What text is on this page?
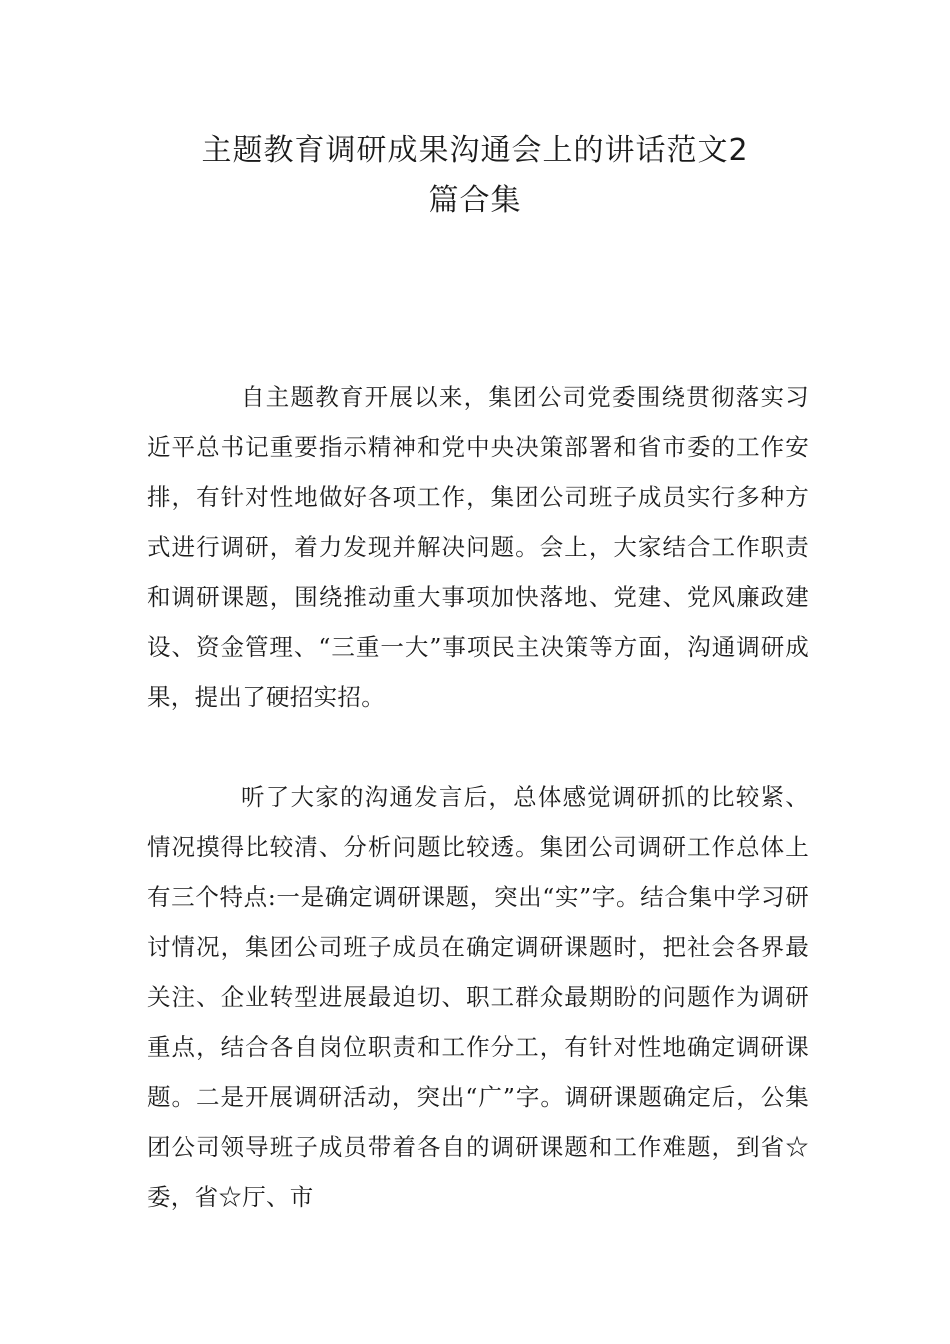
主题教育调研成果沟通会上的讲话范文2
篇合集

自主题教育开展以来，集团公司党委围绕贯彻落实习近平总书记重要指示精神和党中央决策部署和省市委的工作安排，有针对性地做好各项工作，集团公司班子成员实行多种方式进行调研，着力发现并解决问题。会上，大家结合工作职责和调研课题，围绕推动重大事项加快落地、党建、党风廉政建设、资金管理、“三重一大”事项民主决策等方面，沟通调研成果，提出了硬招实招。

听了大家的沟通发言后，总体感觉调研抓的比较紧、情况摸得比较清、分析问题比较透。集团公司调研工作总体上有三个特点:一是确定调研课题，突出“实”字。结合集中学习研讨情况，集团公司班子成员在确定调研课题时，把社会各界最关注、企业转型进展最迫切、职工群众最期盼的问题作为调研重点，结合各自岗位职责和工作分工，有针对性地确定调研课题。二是开展调研活动，突出“广”字。调研课题确定后，公集团公司领导班子成员带着各自的调研课题和工作难题，到省☆委，省☆厅、市
